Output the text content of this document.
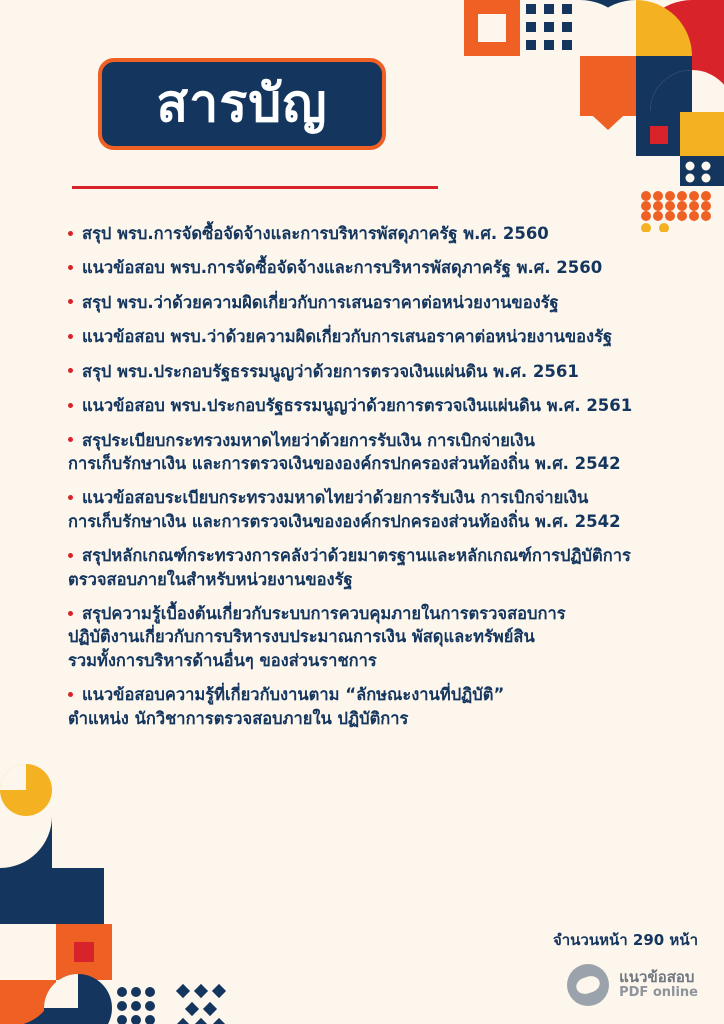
สารบัญ
สรุป พรบ.การจัดซื้อจัดจ้างและการบริหารพัสดุภาครัฐ พ.ศ. 2560
แนวข้อสอบ พรบ.การจัดซื้อจัดจ้างและการบริหารพัสดุภาครัฐ พ.ศ. 2560
สรุป พรบ.ว่าด้วยความผิดเกี่ยวกับการเสนอราคาต่อหน่วยงานของรัฐ
แนวข้อสอบ พรบ.ว่าด้วยความผิดเกี่ยวกับการเสนอราคาต่อหน่วยงานของรัฐ
สรุป พรบ.ประกอบรัฐธรรมนูญว่าด้วยการตรวจเงินแผ่นดิน พ.ศ. 2561
แนวข้อสอบ พรบ.ประกอบรัฐธรรมนูญว่าด้วยการตรวจเงินแผ่นดิน พ.ศ. 2561
สรุประเบียบกระทรวงมหาดไทยว่าด้วยการรับเงิน การเบิกจ่ายเงิน
การเก็บรักษาเงิน และการตรวจเงินขององค์กรปกครองส่วนท้องถิ่น พ.ศ. 2542
แนวข้อสอบระเบียบกระทรวงมหาดไทยว่าด้วยการรับเงิน การเบิกจ่ายเงิน
การเก็บรักษาเงิน และการตรวจเงินขององค์กรปกครองส่วนท้องถิ่น พ.ศ. 2542
สรุปหลักเกณฑ์กระทรวงการคลังว่าด้วยมาตรฐานและหลักเกณฑ์การปฏิบัติการ
ตรวจสอบภายในสำหรับหน่วยงานของรัฐ
สรุปความรู้เบื้องต้นเกี่ยวกับระบบการควบคุมภายในการตรวจสอบการ
ปฏิบัติงานเกี่ยวกับการบริหารงบประมาณการเงิน พัสดุและทรัพย์สิน
รวมทั้งการบริหารด้านอื่นๆ ของส่วนราชการ
แนวข้อสอบความรู้ที่เกี่ยวกับงานตาม “ลักษณะงานที่ปฏิบัติ”
ตำแหน่ง นักวิชาการตรวจสอบภายใน ปฏิบัติการ
จำนวนหน้า 290 หน้า
แนวข้อสอบ
PDF online
